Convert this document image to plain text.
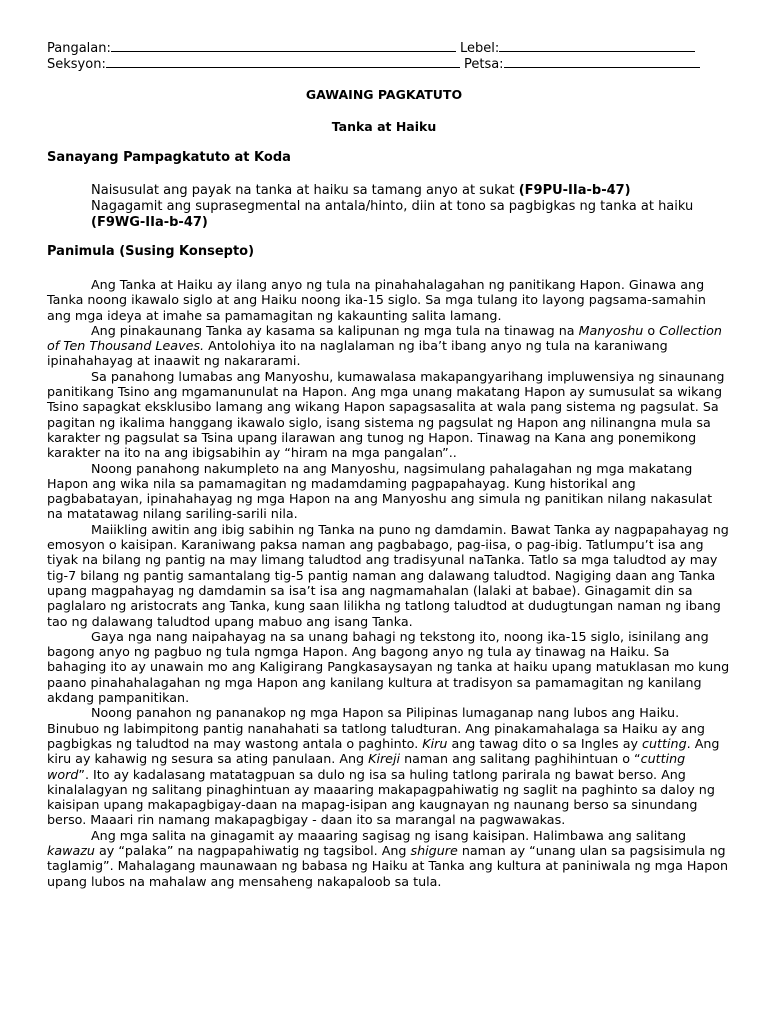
Pangalan:	Lebel:
Seksyon:	Petsa:
GAWAING PAGKATUTO
Tanka at Haiku
Sanayang Pampagkatuto at Koda
Naisusulat ang payak na tanka at haiku sa tamang anyo at sukat (F9PU-IIa-b-47)
Nagagamit ang suprasegmental na antala/hinto, diin at tono sa pagbigkas ng tanka at haiku
(F9WG-IIa-b-47)
Panimula (Susing Konsepto)

Ang Tanka at Haiku ay ilang anyo ng tula na pinahahalagahan ng panitikang Hapon. Ginawa ang Tanka noong ikawalo siglo at ang Haiku noong ika-15 siglo. Sa mga tulang ito layong pagsama-samahin ang mga ideya at imahe sa pamamagitan ng kakaunting salita lamang.

Ang pinakaunang Tanka ay kasama sa kalipunan ng mga tula na tinawag na Manyoshu o Collection of Ten Thousand Leaves. Antolohiya ito na naglalaman ng iba’t ibang anyo ng tula na karaniwang ipinahahayag at inaawit ng nakararami.

Sa panahong lumabas ang Manyoshu, kumawalasa makapangyarihang impluwensiya ng sinaunang panitikang Tsino ang mgamanunulat na Hapon. Ang mga unang makatang Hapon ay sumusulat sa wikang Tsino sapagkat eksklusibo lamang ang wikang Hapon sapagsasalita at wala pang sistema ng pagsulat. Sa pagitan ng ikalima hanggang ikawalo siglo, isang sistema ng pagsulat ng Hapon ang nilinangna mula sa karakter ng pagsulat sa Tsina upang ilarawan ang tunog ng Hapon. Tinawag na Kana ang ponemikong karakter na ito na ang ibigsabihin ay “hiram na mga pangalan”..

Noong panahong nakumpleto na ang Manyoshu, nagsimulang pahalagahan ng mga makatang Hapon ang wika nila sa pamamagitan ng madamdaming pagpapahayag. Kung historikal ang pagbabatayan, ipinahahayag ng mga Hapon na ang Manyoshu ang simula ng panitikan nilang nakasulat na matatawag nilang sariling-sarili nila.

Maiikling awitin ang ibig sabihin ng Tanka na puno ng damdamin. Bawat Tanka ay nagpapahayag ng emosyon o kaisipan. Karaniwang paksa naman ang pagbabago, pag-iisa, o pag-ibig. Tatlumpu’t isa ang tiyak na bilang ng pantig na may limang taludtod ang tradisyunal naTanka. Tatlo sa mga taludtod ay may tig-7 bilang ng pantig samantalang tig-5 pantig naman ang dalawang taludtod. Nagiging daan ang Tanka upang magpahayag ng damdamin sa isa’t isa ang nagmamahalan (lalaki at babae). Ginagamit din sa paglalaro ng aristocrats ang Tanka, kung saan lilikha ng tatlong taludtod at dudugtungan naman ng ibang tao ng dalawang taludtod upang mabuo ang isang Tanka.

Gaya nga nang naipahayag na sa unang bahagi ng tekstong ito, noong ika-15 siglo, isinilang ang bagong anyo ng pagbuo ng tula ngmga Hapon. Ang bagong anyo ng tula ay tinawag na Haiku. Sa bahaging ito ay unawain mo ang Kaligirang Pangkasaysayan ng tanka at haiku upang matuklasan mo kung paano pinahahalagahan ng mga Hapon ang kanilang kultura at tradisyon sa pamamagitan ng kanilang akdang pampanitikan.

Noong panahon ng pananakop ng mga Hapon sa Pilipinas lumaganap nang lubos ang Haiku. Binubuo ng labimpitong pantig nanahahati sa tatlong taludturan. Ang pinakamahalaga sa Haiku ay ang pagbigkas ng taludtod na may wastong antala o paghinto. Kiru ang tawag dito o sa Ingles ay cutting. Ang kiru ay kahawig ng sesura sa ating panulaan. Ang Kireji naman ang salitang paghihintuan o “cutting word”. Ito ay kadalasang matatagpuan sa dulo ng isa sa huling tatlong parirala ng bawat berso. Ang kinalalagyan ng salitang pinaghintuan ay maaaring makapagpahiwatig ng saglit na paghinto sa daloy ng kaisipan upang makapagbigay-daan na mapag-isipan ang kaugnayan ng naunang berso sa sinundang berso. Maaari rin namang makapagbigay - daan ito sa marangal na pagwawakas.

Ang mga salita na ginagamit ay maaaring sagisag ng isang kaisipan. Halimbawa ang salitang kawazu ay “palaka” na nagpapahiwatig ng tagsibol. Ang shigure naman ay “unang ulan sa pagsisimula ng taglamig”. Mahalagang maunawaan ng babasa ng Haiku at Tanka ang kultura at paniniwala ng mga Hapon upang lubos na mahalaw ang mensaheng nakapaloob sa tula.
